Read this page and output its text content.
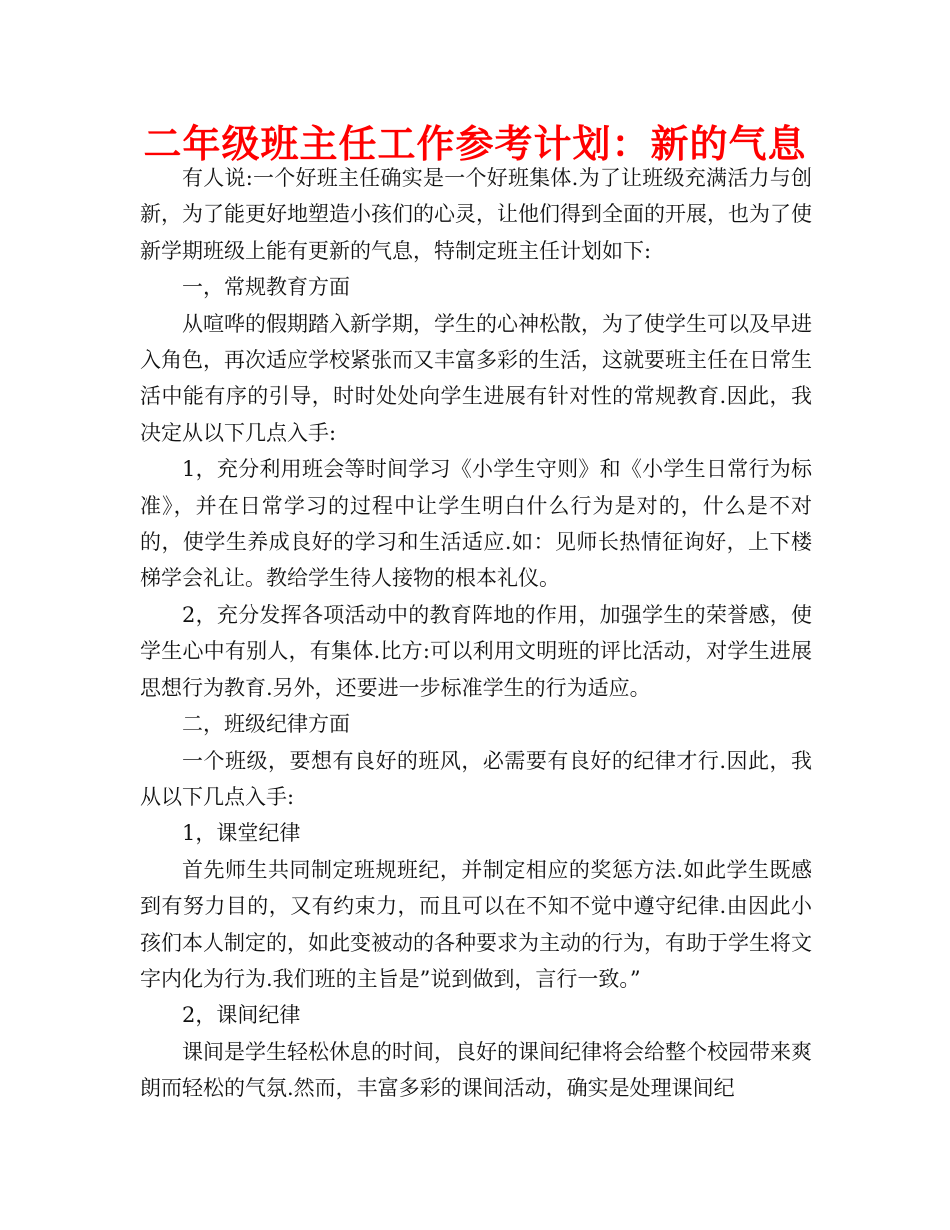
二年级班主任工作参考计划：新的气息

有人说:一个好班主任确实是一个好班集体.为了让班级充满活力与创新，为了能更好地塑造小孩们的心灵，让他们得到全面的开展，也为了使新学期班级上能有更新的气息，特制定班主任计划如下:

一，常规教育方面

从喧哗的假期踏入新学期，学生的心神松散，为了使学生可以及早进入角色，再次适应学校紧张而又丰富多彩的生活，这就要班主任在日常生活中能有序的引导，时时处处向学生进展有针对性的常规教育.因此，我决定从以下几点入手:

1，充分利用班会等时间学习《小学生守则》和《小学生日常行为标准》，并在日常学习的过程中让学生明白什么行为是对的，什么是不对的，使学生养成良好的学习和生活适应.如：见师长热情征询好，上下楼梯学会礼让。教给学生待人接物的根本礼仪。

2，充分发挥各项活动中的教育阵地的作用，加强学生的荣誉感，使学生心中有别人，有集体.比方:可以利用文明班的评比活动，对学生进展思想行为教育.另外，还要进一步标准学生的行为适应。

二，班级纪律方面

一个班级，要想有良好的班风，必需要有良好的纪律才行.因此，我从以下几点入手:

1，课堂纪律

首先师生共同制定班规班纪，并制定相应的奖惩方法.如此学生既感到有努力目的，又有约束力，而且可以在不知不觉中遵守纪律.由因此小孩们本人制定的，如此变被动的各种要求为主动的行为，有助于学生将文字内化为行为.我们班的主旨是”说到做到，言行一致。”

2，课间纪律

课间是学生轻松休息的时间，良好的课间纪律将会给整个校园带来爽朗而轻松的气氛.然而，丰富多彩的课间活动，确实是处理课间纪
